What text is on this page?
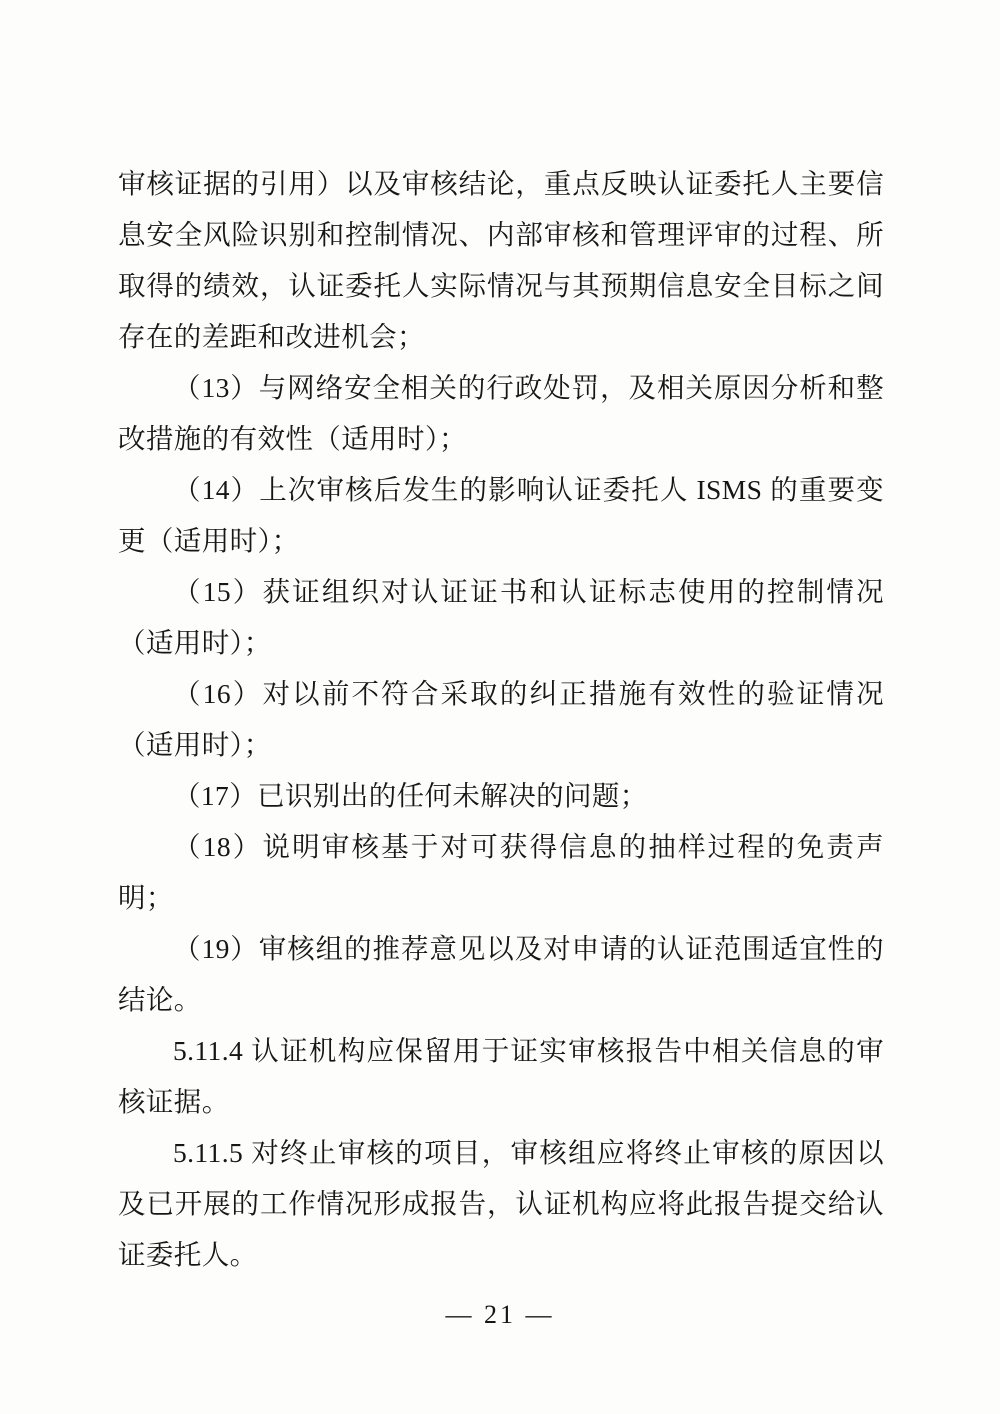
审核证据的引用）以及审核结论，重点反映认证委托人主要信息安全风险识别和控制情况、内部审核和管理评审的过程、所取得的绩效，认证委托人实际情况与其预期信息安全目标之间存在的差距和改进机会；

（13）与网络安全相关的行政处罚，及相关原因分析和整改措施的有效性（适用时）；

（14）上次审核后发生的影响认证委托人 ISMS 的重要变更（适用时）；

（15）获证组织对认证证书和认证标志使用的控制情况（适用时）；

（16）对以前不符合采取的纠正措施有效性的验证情况（适用时）；

（17）已识别出的任何未解决的问题；

（18）说明审核基于对可获得信息的抽样过程的免责声明；

（19）审核组的推荐意见以及对申请的认证范围适宜性的结论。

5.11.4 认证机构应保留用于证实审核报告中相关信息的审核证据。

5.11.5 对终止审核的项目，审核组应将终止审核的原因以及已开展的工作情况形成报告，认证机构应将此报告提交给认证委托人。

— 21 —
